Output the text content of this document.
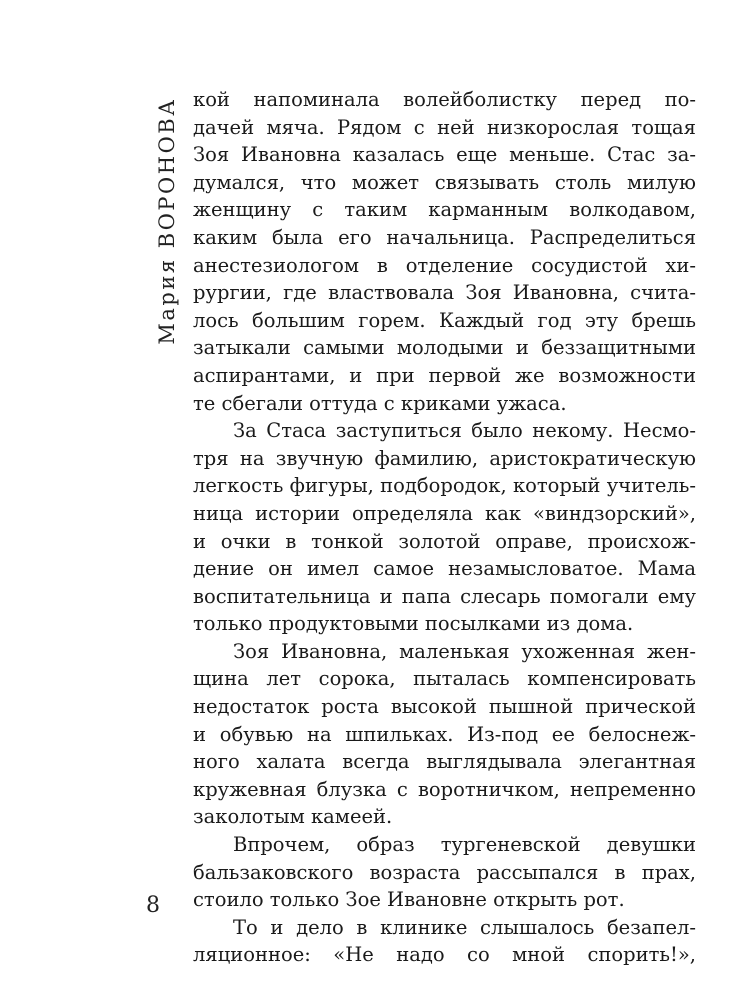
Мария ВОРОНОВА кой напоминала волейболистку перед по-
дачей мяча. Рядом с ней низкорослая тощая
Зоя Ивановна казалась еще меньше. Стас за-
думался, что может связывать столь милую
женщину с таким карманным волкодавом,
каким была его начальница. Распределиться
анестезиологом в отделение сосудистой хи-
рургии, где властвовала Зоя Ивановна, счита-
лось большим горем. Каждый год эту брешь
затыкали самыми молодыми и беззащитными
аспирантами, и при первой же возможности
те сбегали оттуда с криками ужаса.
За Стаса заступиться было некому. Несмо-
тря на звучную фамилию, аристократическую
легкость фигуры, подбородок, который учитель-
ница истории определяла как «виндзорский»,
и очки в тонкой золотой оправе, происхож-
дение он имел самое незамысловатое. Мама
воспитательница и папа слесарь помогали ему
только продуктовыми посылками из дома.
Зоя Ивановна, маленькая ухоженная жен-
щина лет сорока, пыталась компенсировать
недостаток роста высокой пышной прической
и обувью на шпильках. Из-под ее белоснеж-
ного халата всегда выглядывала элегантная
кружевная блузка с воротничком, непременно
заколотым камеей.
Впрочем, образ тургеневской девушки
бальзаковского возраста рассыпался в прах,
стоило только Зое Ивановне открыть рот.
То и дело в клинике слышалось безапел-
ляционное: «Не надо со мной спорить!»,
8
